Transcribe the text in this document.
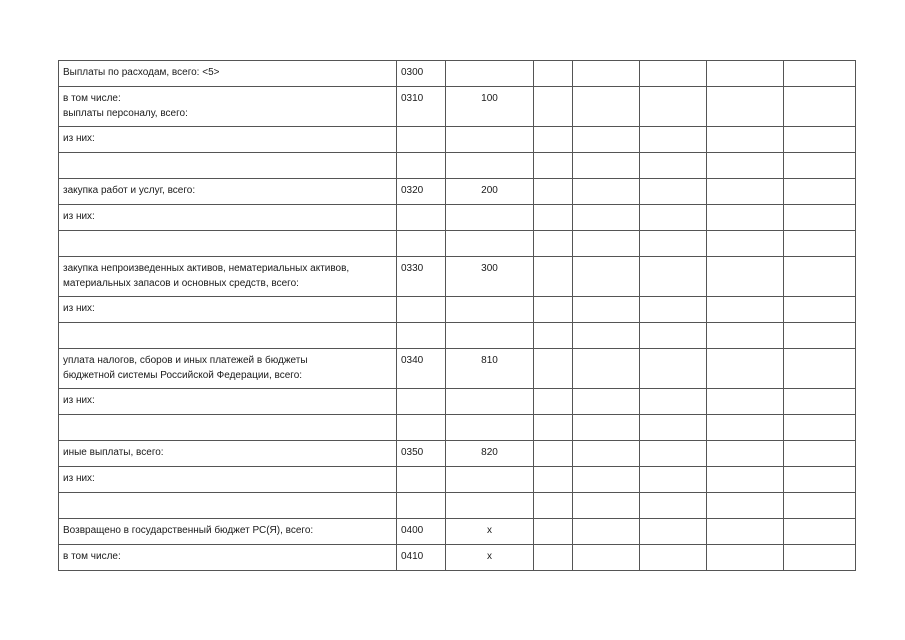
Выплаты по расходам, всего: <5>	0300						

в том числе:
выплаты персоналу, всего:	0310	100					

из них:							

закупка работ и услуг, всего:	0320	200					

из них:							

закупка непроизведенных активов, нематериальных активов,
материальных запасов и основных средств, всего:	0330	300					

из них:							

уплата налогов, сборов и иных платежей в бюджеты
бюджетной системы Российской Федерации, всего:	0340	810					

из них:							

иные выплаты, всего:	0350	820					

из них:							

Возвращено в государственный бюджет РС(Я), всего:	0400	x					

в том числе:	0410	x					
